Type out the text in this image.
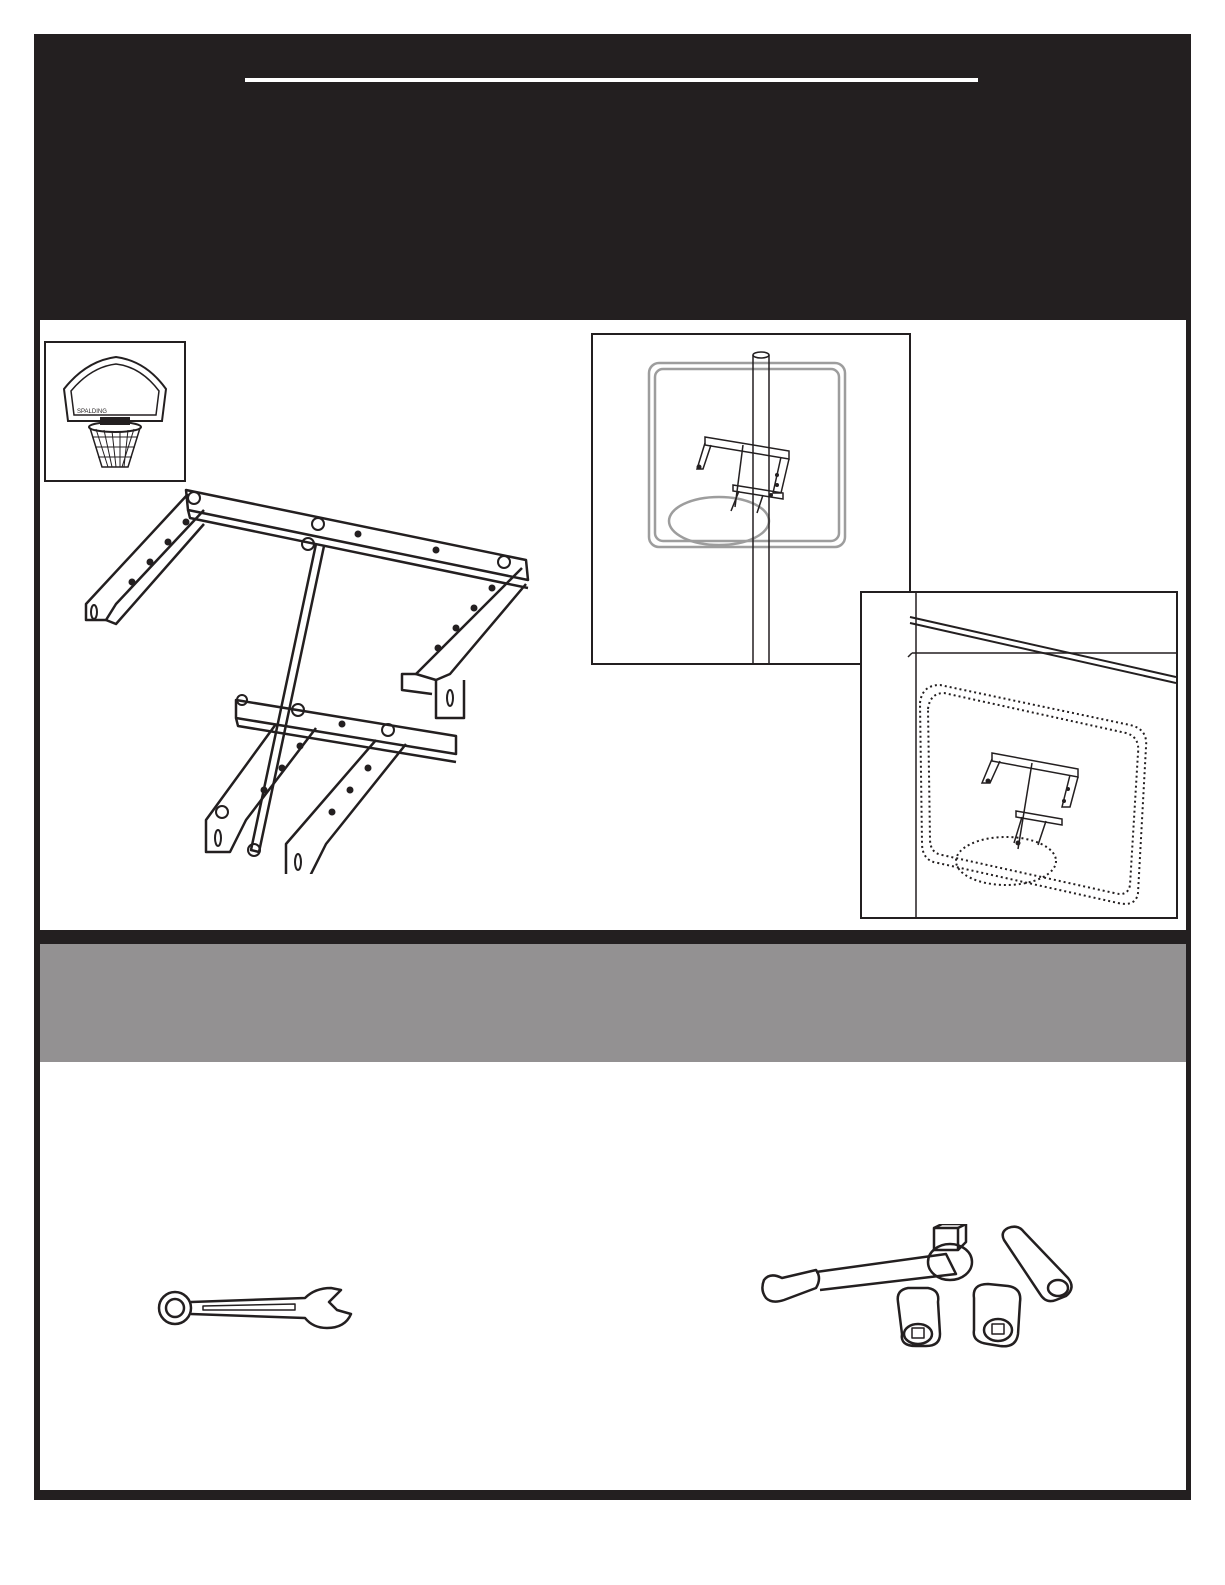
SPALDING
